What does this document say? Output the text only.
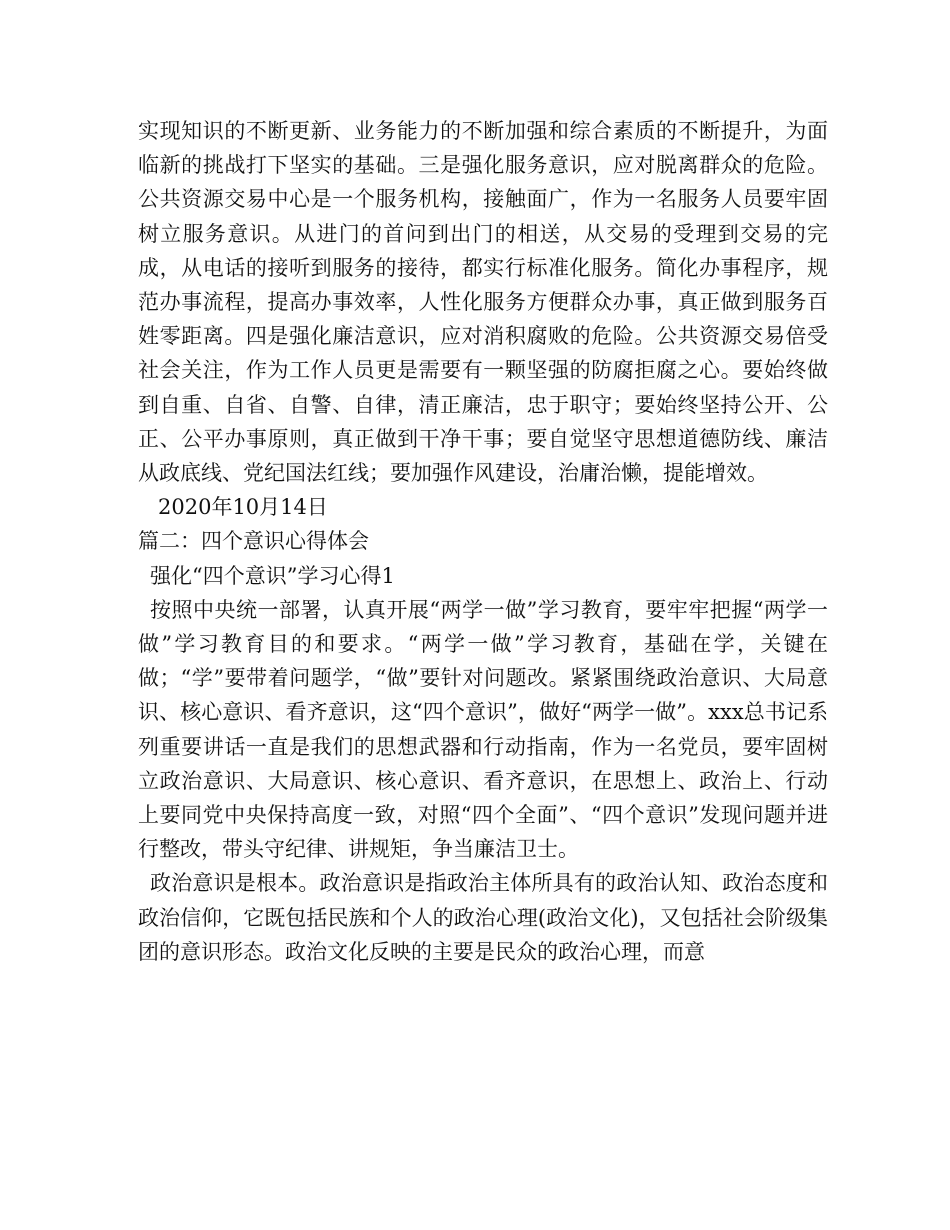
实现知识的不断更新、业务能力的不断加强和综合素质的不断提升，为面临新的挑战打下坚实的基础。三是强化服务意识，应对脱离群众的危险。公共资源交易中心是一个服务机构，接触面广，作为一名服务人员要牢固树立服务意识。从进门的首问到出门的相送，从交易的受理到交易的完成，从电话的接听到服务的接待，都实行标准化服务。简化办事程序，规范办事流程，提高办事效率，人性化服务方便群众办事，真正做到服务百姓零距离。四是强化廉洁意识，应对消积腐败的危险。公共资源交易倍受社会关注，作为工作人员更是需要有一颗坚强的防腐拒腐之心。要始终做到自重、自省、自警、自律，清正廉洁，忠于职守；要始终坚持公开、公正、公平办事原则，真正做到干净干事；要自觉坚守思想道德防线、廉洁从政底线、党纪国法红线；要加强作风建设，治庸治懒，提能增效。

2020年10月14日

篇二：四个意识心得体会

强化“四个意识”学习心得1

按照中央统一部署，认真开展“两学一做”学习教育，要牢牢把握“两学一做”学习教育目的和要求。“两学一做”学习教育，基础在学，关键在做；“学”要带着问题学，“做”要针对问题改。紧紧围绕政治意识、大局意识、核心意识、看齐意识，这“四个意识”，做好“两学一做”。xxx总书记系列重要讲话一直是我们的思想武器和行动指南，作为一名党员，要牢固树立政治意识、大局意识、核心意识、看齐意识，在思想上、政治上、行动上要同党中央保持高度一致，对照“四个全面”、“四个意识”发现问题并进行整改，带头守纪律、讲规矩，争当廉洁卫士。

政治意识是根本。政治意识是指政治主体所具有的政治认知、政治态度和政治信仰，它既包括民族和个人的政治心理(政治文化)，又包括社会阶级集团的意识形态。政治文化反映的主要是民众的政治心理，而意
